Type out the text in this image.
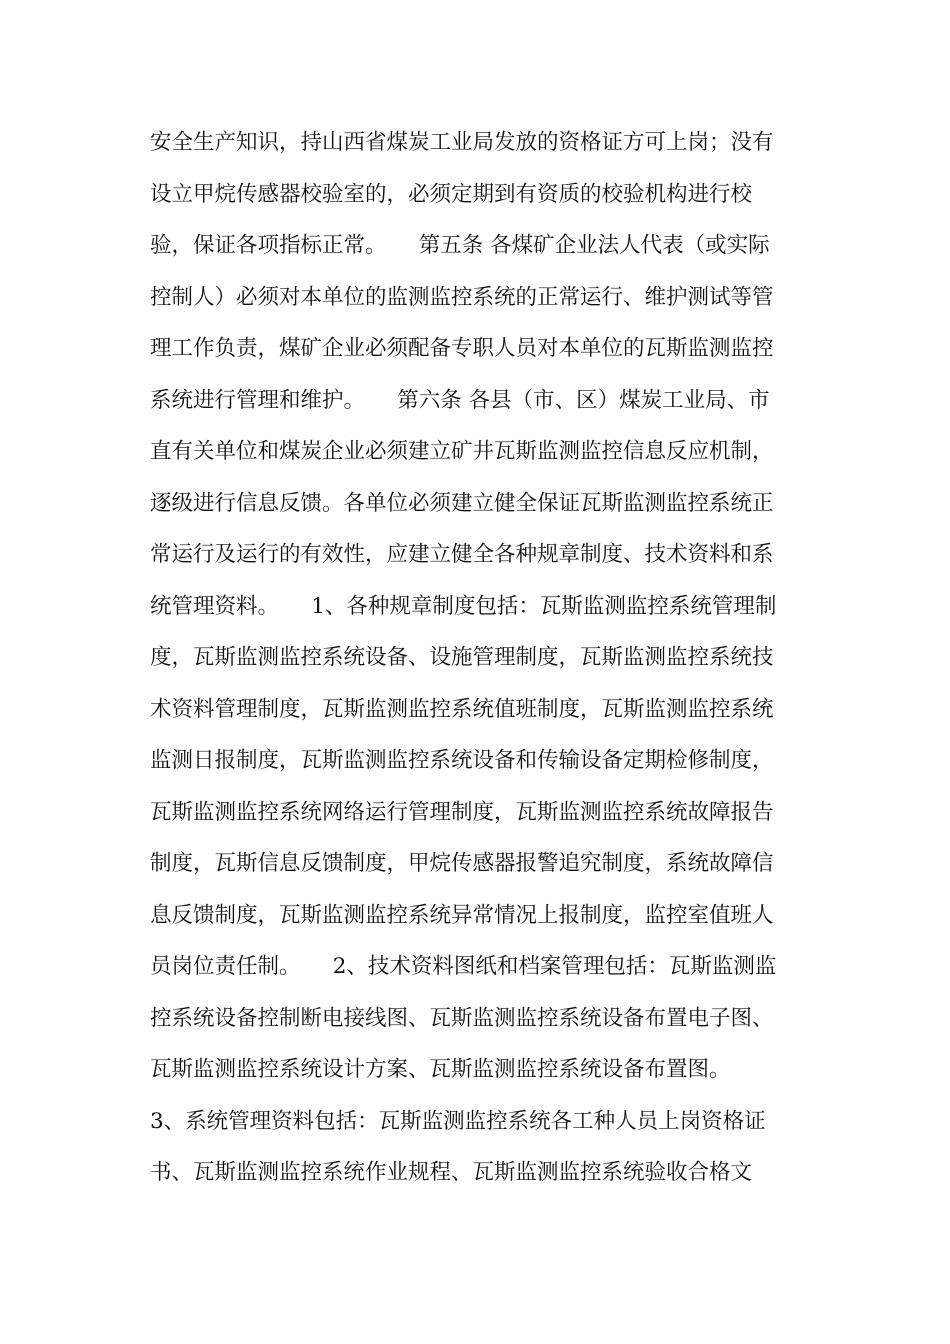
安全生产知识，持山西省煤炭工业局发放的资格证方可上岗；没有
设立甲烷传感器校验室的，必须定期到有资质的校验机构进行校
验，保证各项指标正常。　　第五条 各煤矿企业法人代表（或实际
控制人）必须对本单位的监测监控系统的正常运行、维护测试等管
理工作负责，煤矿企业必须配备专职人员对本单位的瓦斯监测监控
系统进行管理和维护。　　第六条 各县（市、区）煤炭工业局、市
直有关单位和煤炭企业必须建立矿井瓦斯监测监控信息反应机制，
逐级进行信息反馈。各单位必须建立健全保证瓦斯监测监控系统正
常运行及运行的有效性，应建立健全各种规章制度、技术资料和系
统管理资料。　　1、各种规章制度包括：瓦斯监测监控系统管理制
度，瓦斯监测监控系统设备、设施管理制度，瓦斯监测监控系统技
术资料管理制度，瓦斯监测监控系统值班制度，瓦斯监测监控系统
监测日报制度，瓦斯监测监控系统设备和传输设备定期检修制度，
瓦斯监测监控系统网络运行管理制度，瓦斯监测监控系统故障报告
制度，瓦斯信息反馈制度，甲烷传感器报警追究制度，系统故障信
息反馈制度，瓦斯监测监控系统异常情况上报制度，监控室值班人
员岗位责任制。　　2、技术资料图纸和档案管理包括：瓦斯监测监
控系统设备控制断电接线图、瓦斯监测监控系统设备布置电子图、
瓦斯监测监控系统设计方案、瓦斯监测监控系统设备布置图。
3、系统管理资料包括：瓦斯监测监控系统各工种人员上岗资格证
书、瓦斯监测监控系统作业规程、瓦斯监测监控系统验收合格文
